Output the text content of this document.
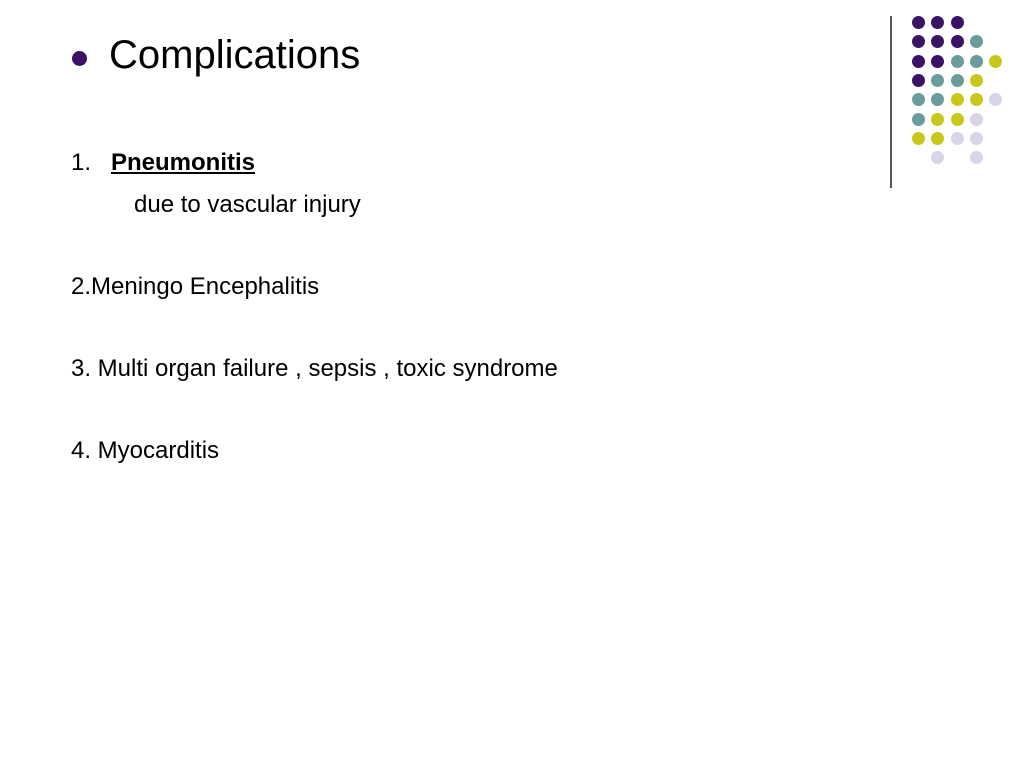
Complications
1. Pneumonitis
due to vascular injury
2.Meningo Encephalitis
3. Multi organ failure , sepsis , toxic syndrome
4. Myocarditis
